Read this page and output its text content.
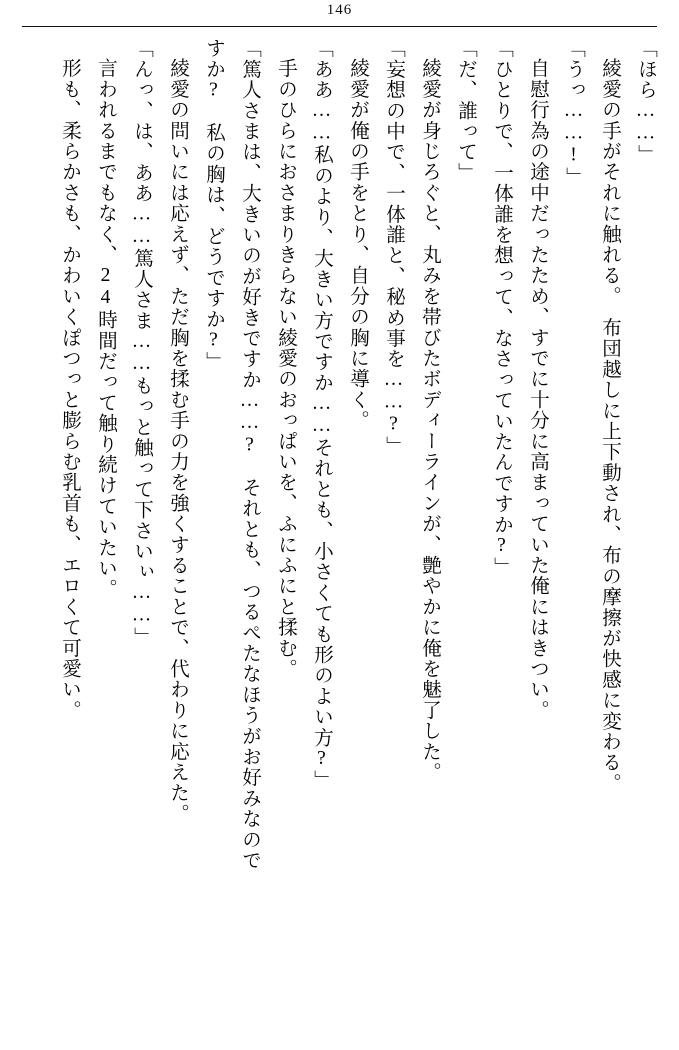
146
「ほら……」
綾愛の手がそれに触れる。　布団越しに上下動され、布の摩擦が快感に変わる。
「うっ……!」
自慰行為の途中だったため、すでに十分に高まっていた俺にはきつい。
「ひとりで、一体誰を想って、なさっていたんですか?」
「だ、誰って」
綾愛が身じろぐと、丸みを帯びたボディーラインが、艶やかに俺を魅了した。
「妄想の中で、一体誰と、秘め事を……?」
綾愛が俺の手をとり、自分の胸に導く。
「ああ……私のより、大きい方ですか……それとも、小さくても形のよい方?」
手のひらにおさまりきらない綾愛のおっぱいを、ふにふにと揉む。
「篤人さまは、大きいのが好きですか……?　それとも、つるぺたなほうがお好みなので
すか?　私の胸は、どうですか?」
綾愛の問いには応えず、ただ胸を揉む手の力を強くすることで、代わりに応えた。
「んっ、は、ああ……篤人さま……もっと触って下さいぃ……」
言われるまでもなく、24時間だって触り続けていたい。
形も、柔らかさも、かわいくぽつっと膨らむ乳首も、エロくて可愛い。
